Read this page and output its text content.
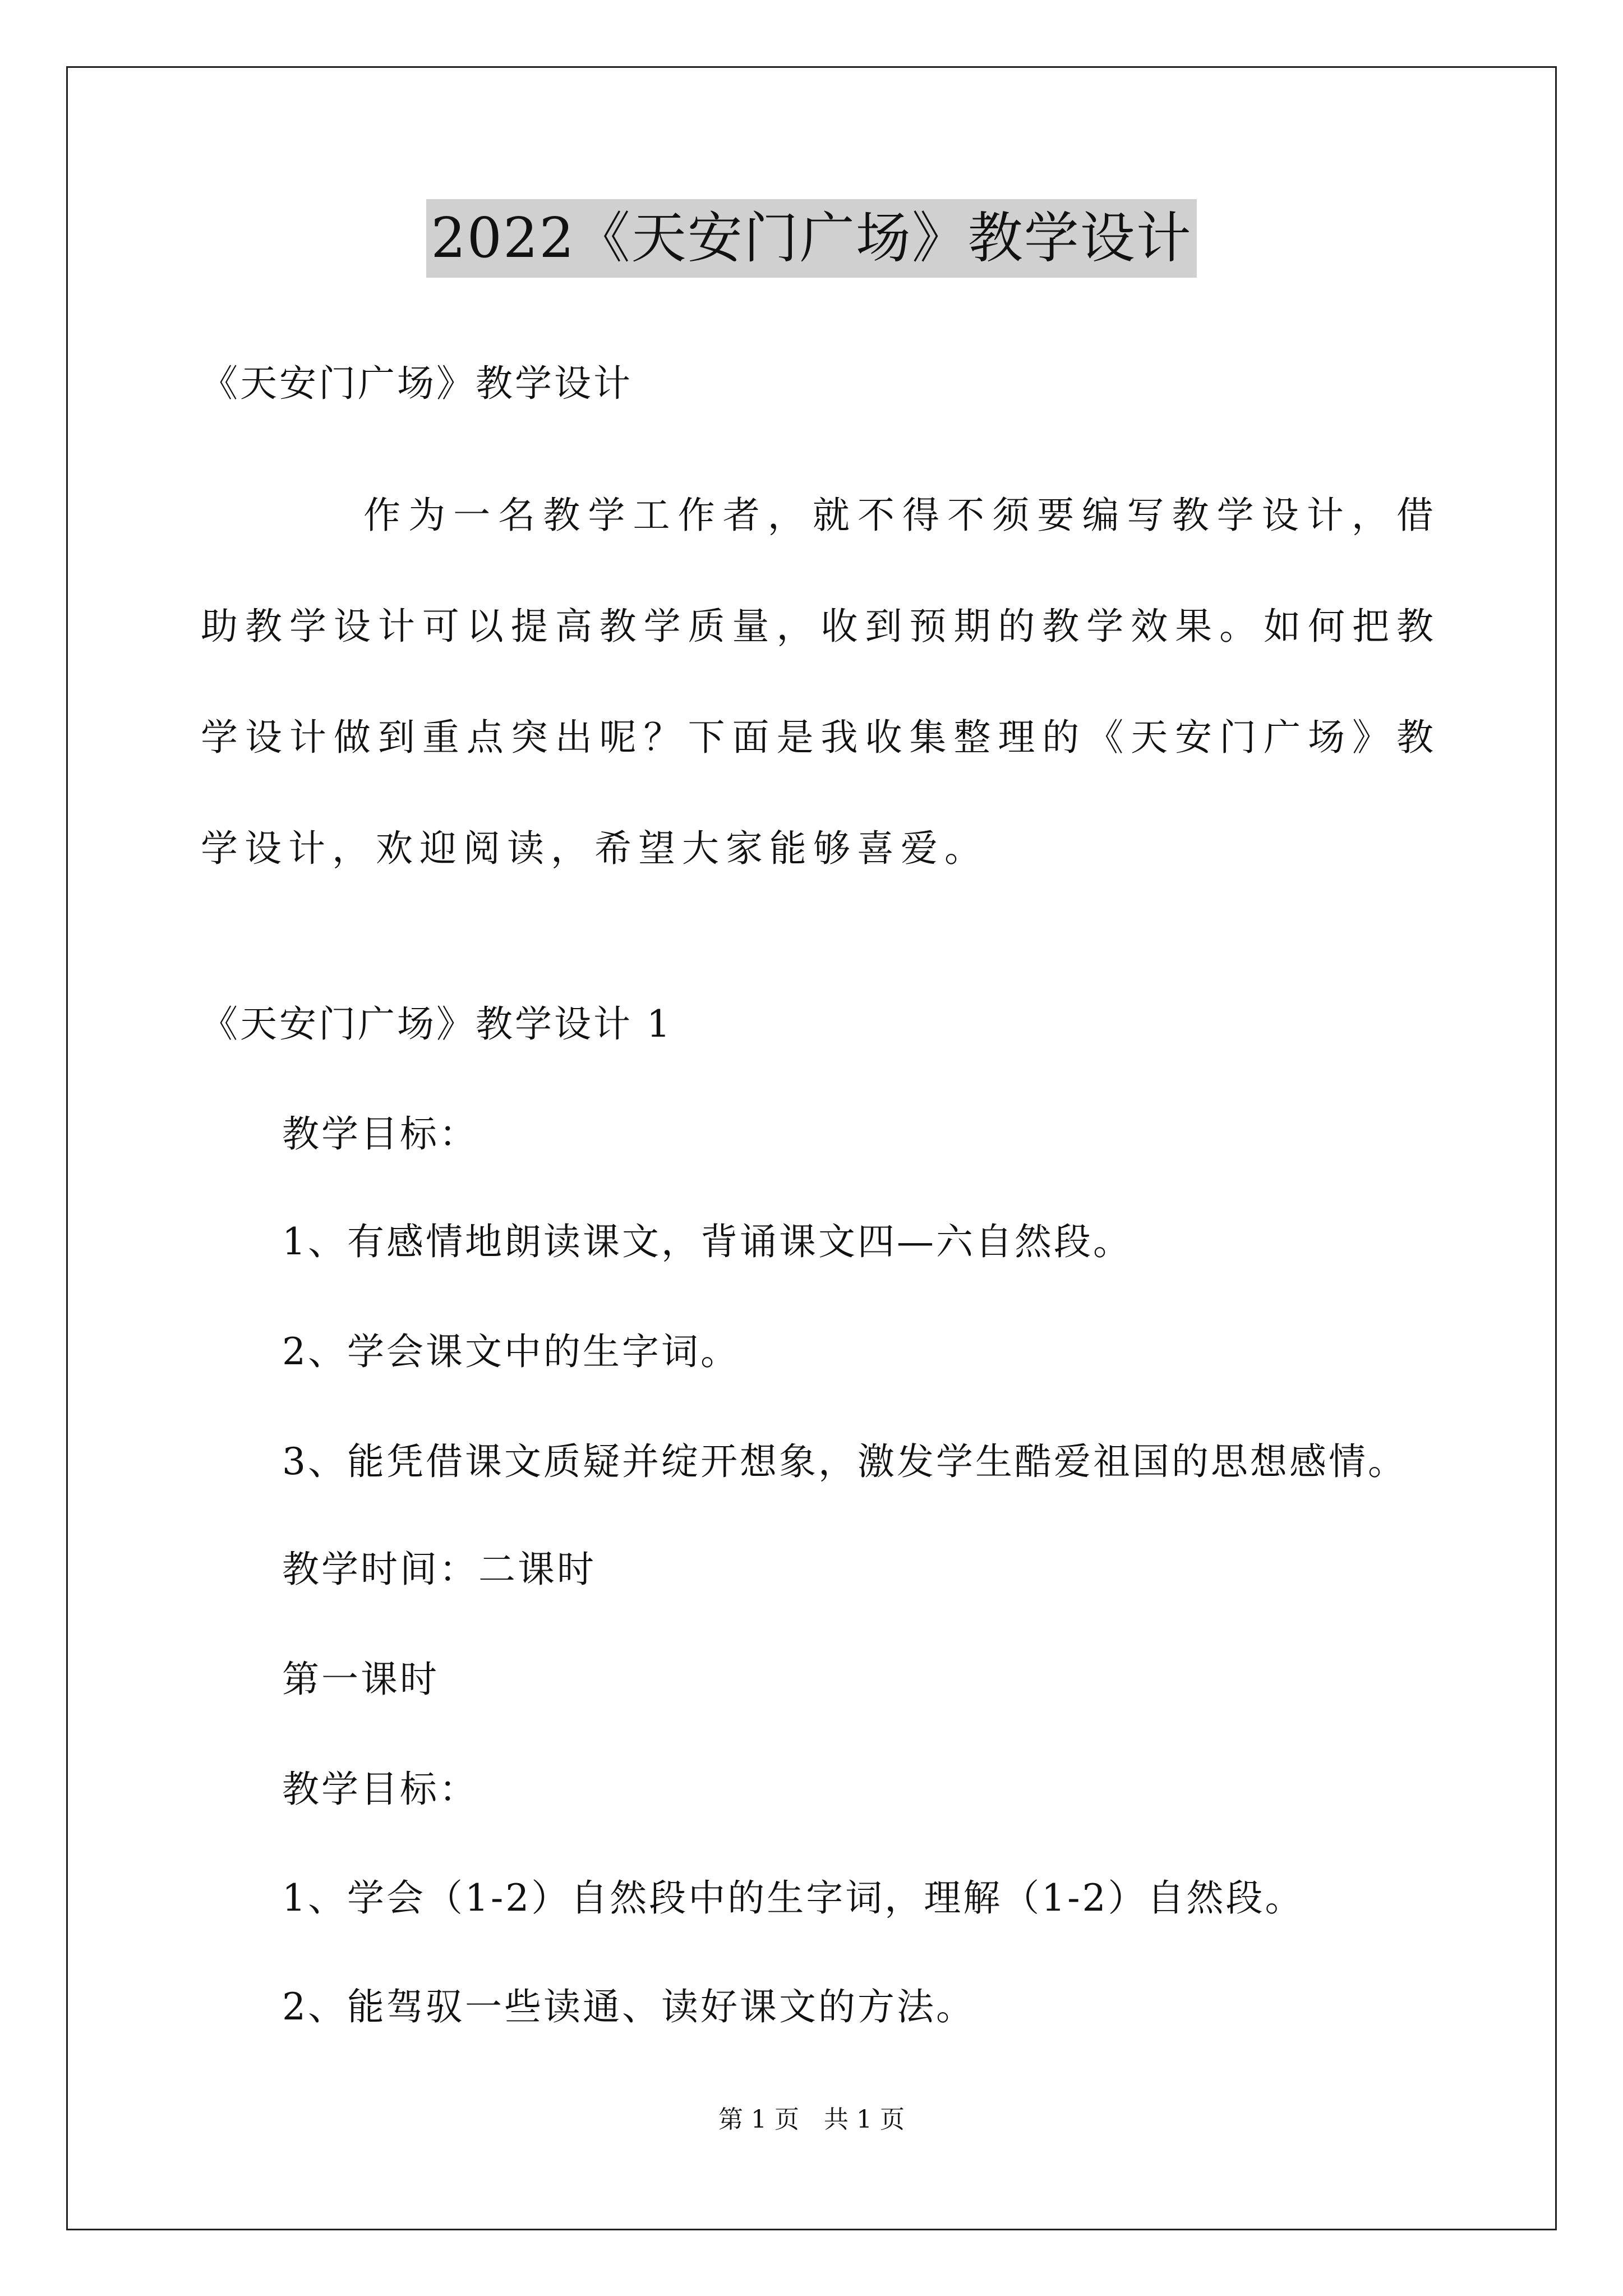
2022《天安门广场》教学设计
《天安门广场》教学设计

作为一名教学工作者，就不得不须要编写教学设计，借助教学设计可以提高教学质量，收到预期的教学效果。如何把教学设计做到重点突出呢？下面是我收集整理的《天安门广场》教学设计，欢迎阅读，希望大家能够喜爱。

《天安门广场》教学设计 1
教学目标：
1、有感情地朗读课文，背诵课文四—六自然段。
2、学会课文中的生字词。
3、能凭借课文质疑并绽开想象，激发学生酷爱祖国的思想感情。
教学时间：二课时
第一课时
教学目标：
1、学会（1-2）自然段中的生字词，理解（1-2）自然段。
2、能驾驭一些读通、读好课文的方法。
第 1 页　共 1 页
